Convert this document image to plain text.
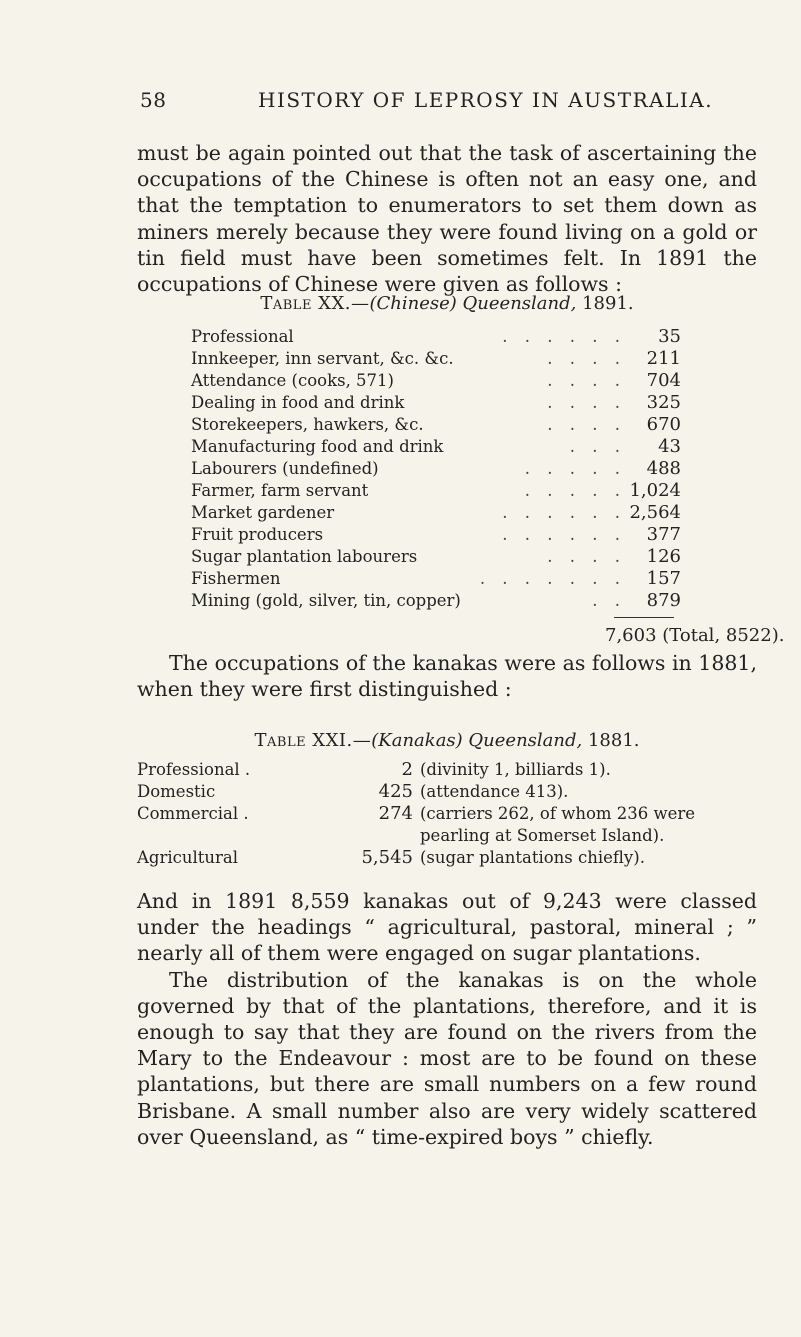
58	HISTORY OF LEPROSY IN AUSTRALIA.

must be again pointed out that the task of ascertaining the occupations of the Chinese is often not an easy one, and that the temptation to enumerators to set them down as miners merely because they were found living on a gold or tin field must have been sometimes felt. In 1891 the occupations of Chinese were given as follows :

Table XX.—(Chinese) Queensland, 1891.
Professional	. . . . . .	35
Innkeeper, inn servant, &c. &c.	. . . .	211
Attendance (cooks, 571)	. . . .	704
Dealing in food and drink	. . . .	325
Storekeepers, hawkers, &c.	. . . .	670
Manufacturing food and drink	. . .	43
Labourers (undefined)	. . . . .	488
Farmer, farm servant	. . . . . 1,024
Market gardener	. . . . . . 2,564
Fruit producers	. . . . . .	377
Sugar plantation labourers	. . . .	126
Fishermen	. . . . . . .	157
Mining (gold, silver, tin, copper)	. .	879
7,603 (Total, 8522).

The occupations of the kanakas were as follows in 1881, when they were first distinguished :

Table XXI.—(Kanakas) Queensland, 1881.
Professional .	2 (divinity 1, billiards 1).
Domestic	425 (attendance 413).
Commercial .	274 (carriers 262, of whom 236 were
pearling at Somerset Island).
Agricultural	5,545 (sugar plantations chiefly).

And in 1891 8,559 kanakas out of 9,243 were classed under the headings “ agricultural, pastoral, mineral ; ” nearly all of them were engaged on sugar plantations.

The distribution of the kanakas is on the whole governed by that of the plantations, therefore, and it is enough to say that they are found on the rivers from the Mary to the Endeavour : most are to be found on these plantations, but there are small numbers on a few round Brisbane. A small number also are very widely scattered over Queensland, as “ time-expired boys ” chiefly.
